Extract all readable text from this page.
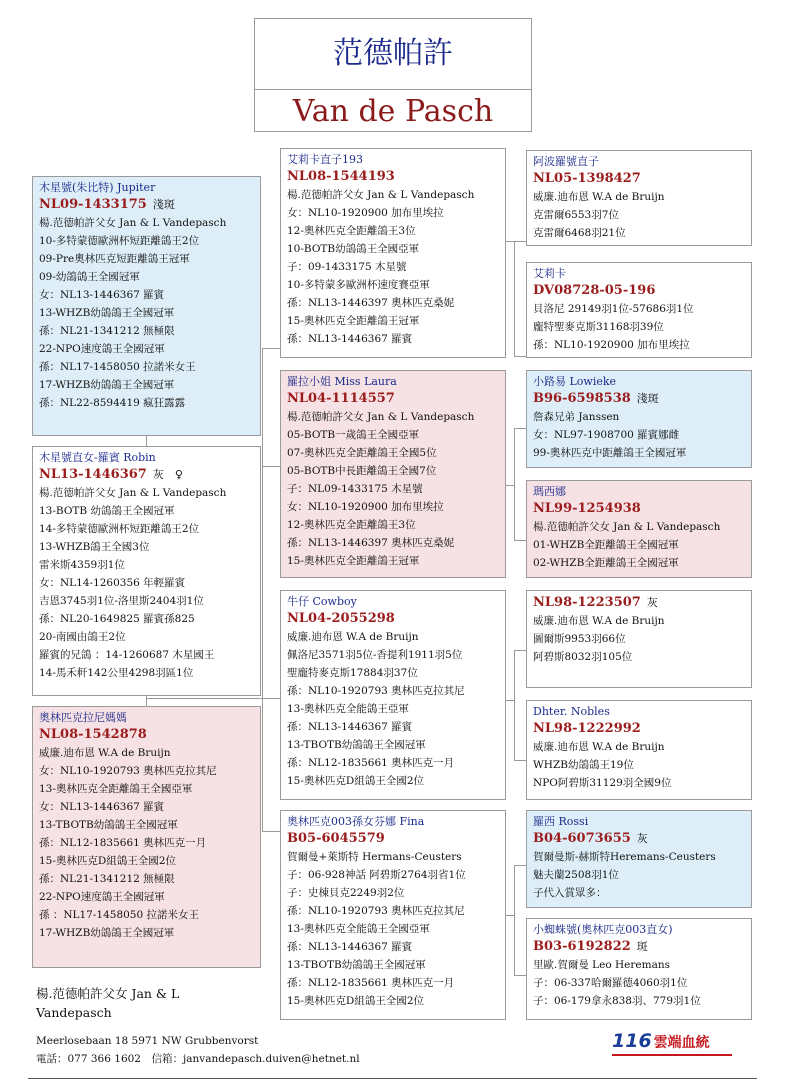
范德帕許
Van de Pasch
木星號(朱比特) Jupiter
NL09-1433175 淺斑
楊.范德帕許父女 Jan & L Vandepasch
10-多特蒙德歐洲杯短距離鴿王2位
09-Pre奧林匹克短距離鴿王冠軍
09-幼鴿鴿王全國冠軍
女：NL13-1446367 羅賓
13-WHZB幼鴿鴿王全國冠軍
孫：NL21-1341212 無極限
22-NPO速度鴿王全國冠軍
孫：NL17-1458050 拉諾米女王
17-WHZB幼鴿鴿王全國冠軍
孫：NL22-8594419 瘋狂露露
木星號直女-羅賓 Robin
NL13-1446367 灰　♀
楊.范德帕許父女 Jan & L Vandepasch
13-BOTB 幼鴿鴿王全國冠軍
14-多特蒙德歐洲杯短距離鴿王2位
13-WHZB鴿王全國3位
雷米斯4359羽1位
女：NL14-1260356 年輕羅賓
吉恩3745羽1位-洛里斯2404羽1位
孫：NL20-1649825 羅賓孫825
20-南國由鴿王2位
羅賓的兄鴿 ：14-1260687 木星國王
14-馬禾軒142公里4298羽區1位
奧林匹克拉尼媽媽
NL08-1542878
威廉.迪布恩 W.A de Bruijn
女：NL10-1920793 奧林匹克拉其尼
13-奧林匹克全距離鴿王全國亞軍
女：NL13-1446367 羅賓
13-TBOTB幼鴿鴿王全國冠軍
孫：NL12-1835661 奧林匹克一月
15-奧林匹克D組鴿王全國2位
孫：NL21-1341212 無極限
22-NPO速度鴿王全國冠軍
孫 ：NL17-1458050 拉諾米女王
17-WHZB幼鴿鴿王全國冠軍
艾莉卡直子193
NL08-1544193
楊.范德帕許父女 Jan & L Vandepasch
女：NL10-1920900 加布里埃拉
12-奧林匹克全距離鴿王3位
10-BOTB幼鴿鴿王全國亞軍
子：09-1433175 木星號
10-多特蒙多歐洲杯速度賽亞軍
孫：NL13-1446397 奧林匹克桑妮
15-奧林匹克全距離鴿王冠軍
孫：NL13-1446367 羅賓
羅拉小姐 Miss Laura
NL04-1114557
楊.范德帕許父女 Jan & L Vandepasch
05-BOTB一歲鴿王全國亞軍
07-奧林匹克全距離鴿王全國5位
05-BOTB中長距離鴿王全國7位
子：NL09-1433175 木星號
女：NL10-1920900 加布里埃拉
12-奧林匹克全距離鴿王3位
孫：NL13-1446397 奧林匹克桑妮
15-奧林匹克全距離鴿王冠軍
牛仔 Cowboy
NL04-2055298
威廉.迪布恩 W.A de Bruijn
佩洛尼3571羽5位-香提利1911羽5位
聖龐特麥克斯17884羽37位
孫：NL10-1920793 奧林匹克拉其尼
13-奧林匹克全能鴿王亞軍
孫：NL13-1446367 羅賓
13-TBOTB幼鴿鴿王全國冠軍
孫：NL12-1835661 奧林匹克一月
15-奧林匹克D組鴿王全國2位
奧林匹克003孫女芬娜 Fina
B05-6045579
賀爾曼+萊斯特 Hermans-Ceusters
子：06-928神話 阿碧斯2764羽省1位
子：史棟貝克2249羽2位
孫：NL10-1920793 奧林匹克拉其尼
13-奧林匹克全能鴿王全國亞軍
孫：NL13-1446367 羅賓
13-TBOTB幼鴿鴿王全國冠軍
孫：NL12-1835661 奧林匹克一月
15-奧林匹克D組鴿王全國2位
阿波羅號直子
NL05-1398427
威廉.迪布恩 W.A de Bruijn
克雷爾6553羽7位
克雷爾6468羽21位
艾莉卡
DV08728-05-196
貝洛尼 29149羽1位-57686羽1位
龐特聖麥克斯31168羽39位
孫：NL10-1920900 加布里埃拉
小路易 Lowieke
B96-6598538 淺斑
詹森兄弟 Janssen
女：NL97-1908700 羅賓娜雌
99-奧林匹克中距離鴿王全國冠軍
瑪西娜
NL99-1254938
楊.范德帕許父女 Jan & L Vandepasch
01-WHZB全距離鴿王全國冠軍
02-WHZB全距離鴿王全國冠軍
NL98-1223507 灰
威廉.迪布恩 W.A de Bruijn
圖爾斯9953羽66位
阿碧斯8032羽105位
Dhter. Nobles
NL98-1222992
威廉.迪布恩 W.A de Bruijn
WHZB幼鴿鴿王19位
NPO阿碧斯31129羽全國9位
羅西 Rossi
B04-6073655 灰
賀爾曼斯-赫斯特Heremans-Ceusters
魅夫蘭2508羽1位
子代入賞眾多：
小蜘蛛號(奧林匹克003直女)
B03-6192822 斑
里歐.賀爾曼 Leo Heremans
子：06-337哈爾羅德4060羽1位
子：06-179拿永838羽、779羽1位
楊.范德帕許父女 Jan & L Vandepasch
Meerlosebaan 18 5971 NW Grubbenvorst
電話：077 366 1602　信箱：janvandepasch.duiven@hetnet.nl
116 雲端血統
